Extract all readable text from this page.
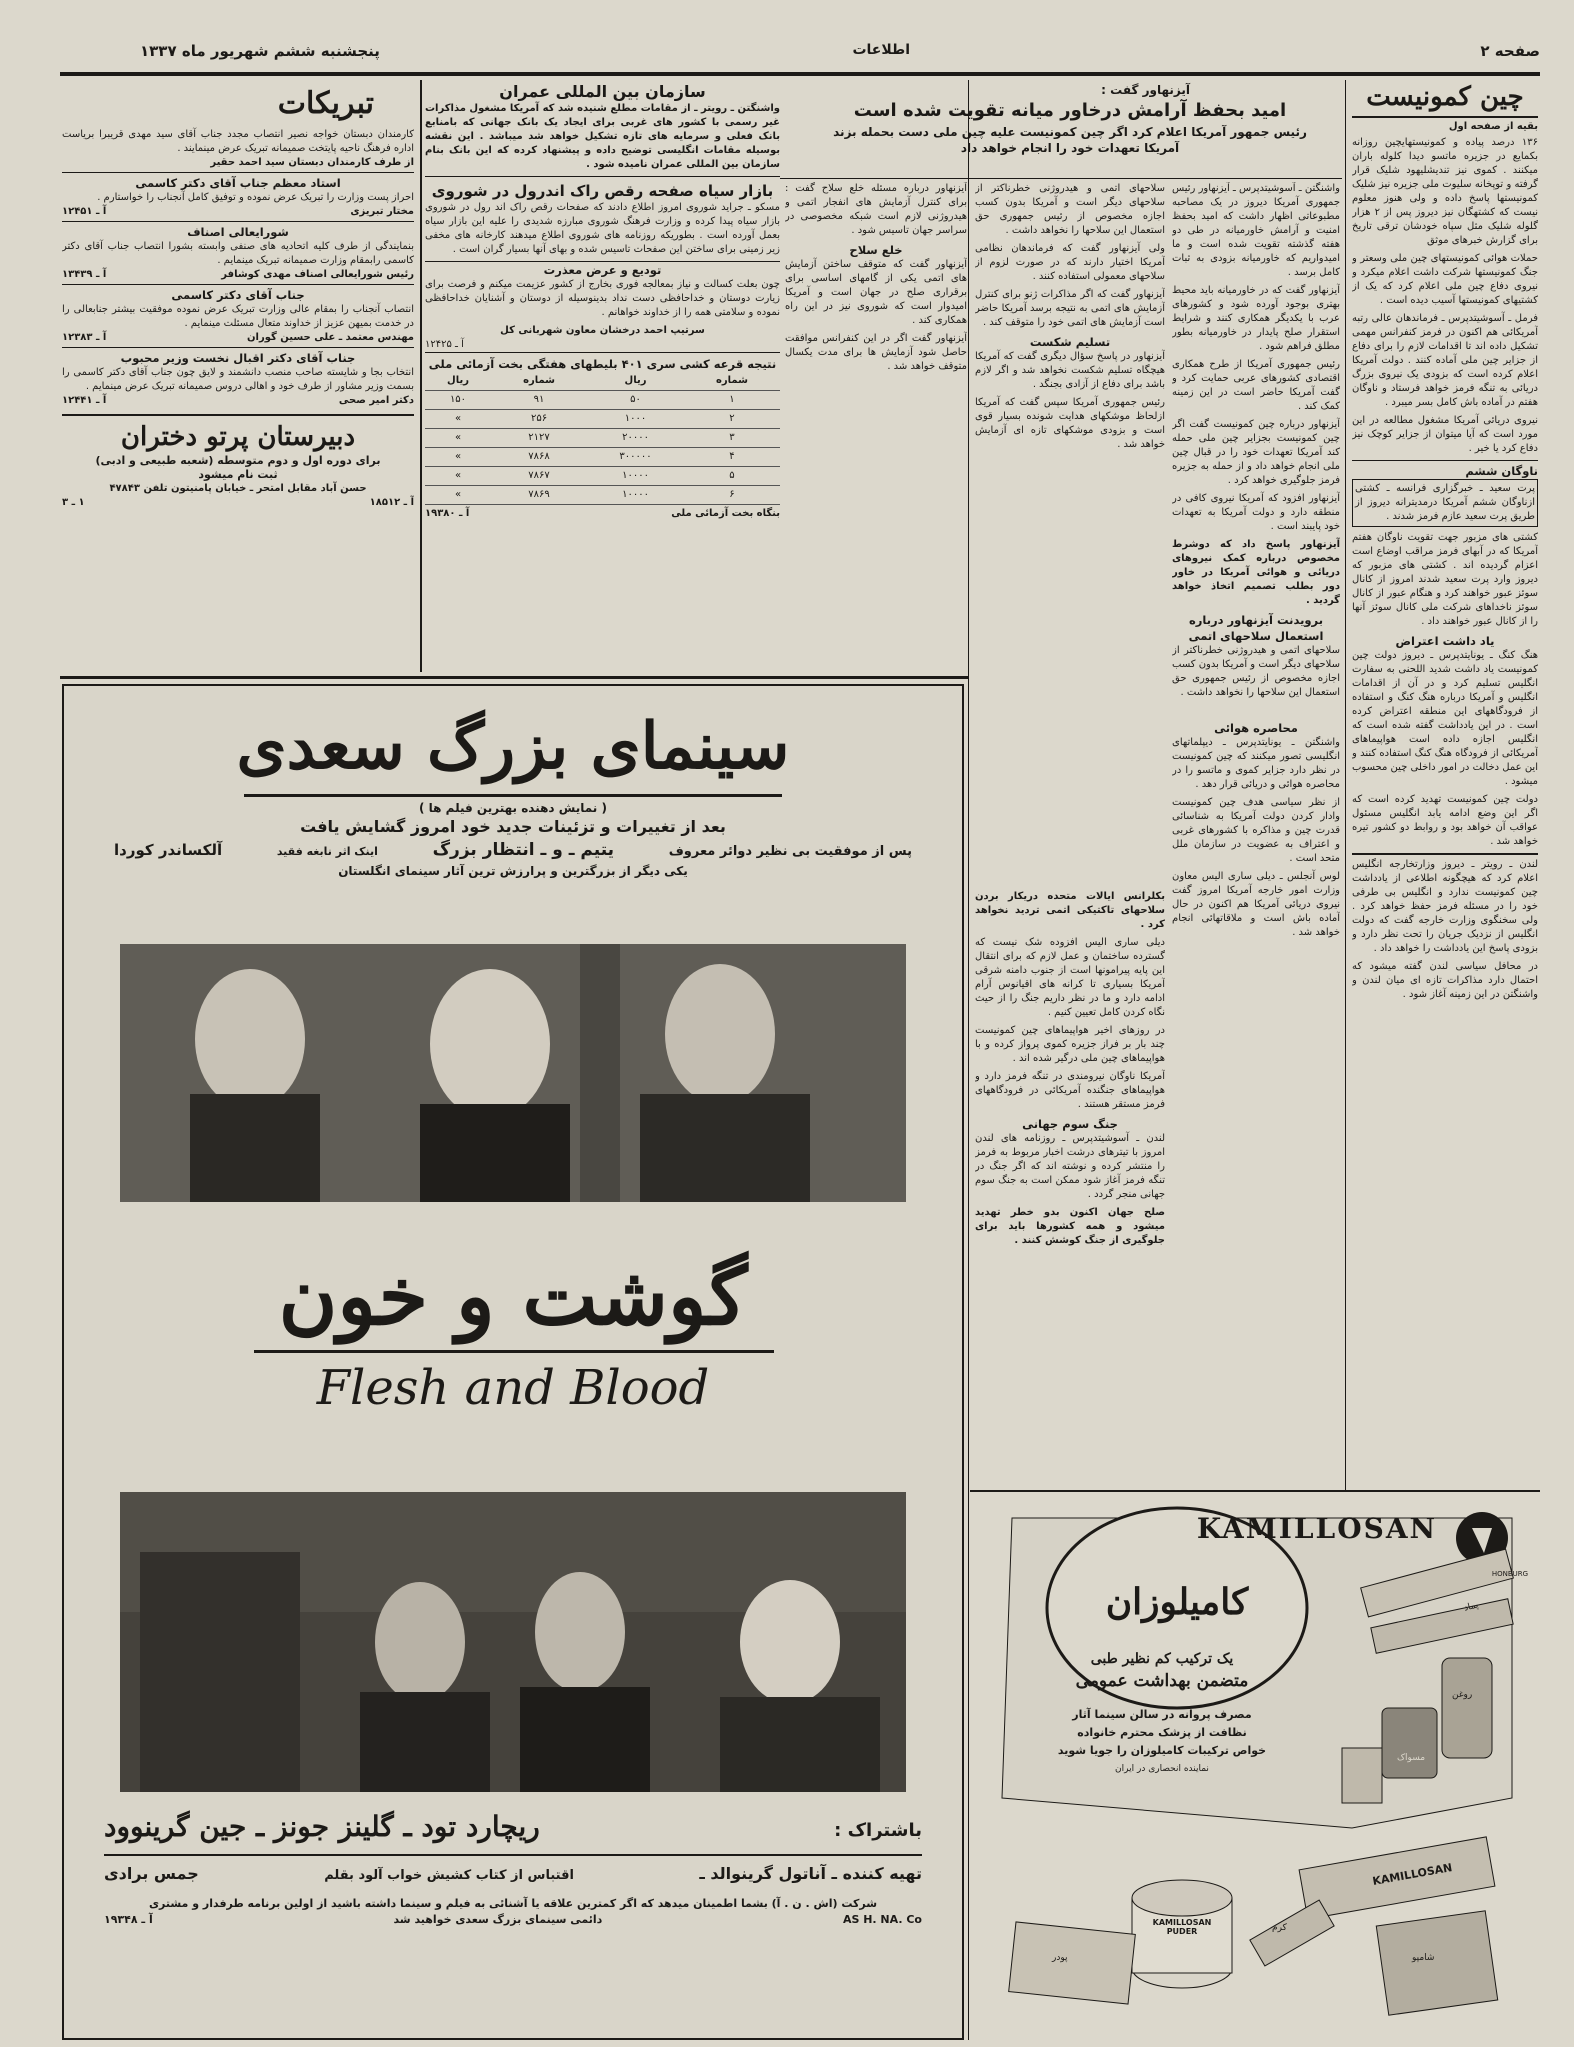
صفحه ۲
اطلاعات
پنجشنبه ششم شهریور ماه ۱۳۳۷
چین کمونیست
بقیه از صفحه اول

۱۳۶ درصد پیاده و کمونیستهایچین روزانه بکمایع در جزیره ماتسو دیدا کلوله باران میکنند . کموی نیز تندیشلیهود شلیک قرار گرفته و توپخانه سلیوت ملی جزیره نیز شلیک کمونیستها پاسخ داده و ولی هنوز معلوم نیست که کشتهگان نیز دیروز پس از ۲ هزار گلوله شلیک مثل سپاه خودشان ترقی تاریخ برای گزارش خبرهای موثق

حملات هوائی کمونیستهای چین ملی وسعتر و جنگ کمونیستها شرکت داشت اعلام میکرد و نیروی دفاع چین ملی اعلام کرد که یک از کشتیهای کمونیستها آسیب دیده است .

فرمل ـ آسوشیتدپرس ـ فرماندهان عالی رتبه آمریکائی هم اکنون در فرمز کنفرانس مهمی تشکیل داده اند تا اقدامات لازم را برای دفاع از جزایر چین ملی آماده کنند . دولت آمریکا اعلام کرده است که بزودی یک نیروی بزرگ دریائی به تنگه فرمز خواهد فرستاد و ناوگان هفتم در آماده باش کامل بسر میبرد .

نیروی دریائی آمریکا مشغول مطالعه در این مورد است که آیا میتوان از جزایر کوچک نیز دفاع کرد یا خیر .

ناوگان ششم

پرت سعید ـ خبرگزاری فرانسه ـ کشتی ازناوگان ششم آمریکا درمدیترانه دیروز از طریق پرت سعید عازم فرمز شدند .

کشتی های مزبور جهت تقویت ناوگان هفتم آمریکا که در آبهای فرمز مراقب اوضاع است اعزام گردیده اند . کشتی های مزبور که دیروز وارد پرت سعید شدند امروز از کانال سوئز عبور خواهند کرد و هنگام عبور از کانال سوئز ناخداهای شرکت ملی کانال سوئز آنها را از کانال عبور خواهند داد .

یاد داشت اعتراض

هنگ کنگ ـ یونایتدپرس ـ دیروز دولت چین کمونیست یاد داشت شدید اللحنی به سفارت انگلیس تسلیم کرد و در آن از اقدامات انگلیس و آمریکا درباره هنگ کنگ و استفاده از فرودگاههای این منطقه اعتراض کرده است . در این یادداشت گفته شده است که انگلیس اجازه داده است هواپیماهای آمریکائی از فرودگاه هنگ کنگ استفاده کنند و این عمل دخالت در امور داخلی چین محسوب میشود .

دولت چین کمونیست تهدید کرده است که اگر این وضع ادامه یابد انگلیس مسئول عواقب آن خواهد بود و روابط دو کشور تیره خواهد شد .

لندن ـ رویتر ـ دیروز وزارتخارجه انگلیس اعلام کرد که هیچگونه اطلاعی از یادداشت چین کمونیست ندارد و انگلیس بی طرفی خود را در مسئله فرمز حفظ خواهد کرد . ولی سخنگوی وزارت خارجه گفت که دولت انگلیس از نزدیک جریان را تحت نظر دارد و بزودی پاسخ این یادداشت را خواهد داد .

در محافل سیاسی لندن گفته میشود که احتمال دارد مذاکرات تازه ای میان لندن و واشنگتن در این زمینه آغاز شود .

آیزنهاور گفت :
امید بحفظ آرامش درخاور میانه تقویت شده است
رئیس جمهور آمریکا اعلام کرد اگر چین کمونیست علیه چین ملی دست بحمله بزند
آمریکا تعهدات خود را انجام خواهد داد

واشنگتن ـ آسوشیتدپرس ـ آیزنهاور رئیس جمهوری آمریکا دیروز در یک مصاحبه مطبوعاتی اظهار داشت که امید بحفظ امنیت و آرامش خاورمیانه در طی دو هفته گذشته تقویت شده است و ما امیدواریم که خاورمیانه بزودی به ثبات کامل برسد .

آیزنهاور گفت که در خاورمیانه باید محیط بهتری بوجود آورده شود و کشورهای عرب با یکدیگر همکاری کنند و شرایط استقرار صلح پایدار در خاورمیانه بطور مطلق فراهم شود .

رئیس جمهوری آمریکا از طرح همکاری اقتصادی کشورهای عربی حمایت کرد و گفت آمریکا حاضر است در این زمینه کمک کند .

آیزنهاور درباره چین کمونیست گفت اگر چین کمونیست بجزایر چین ملی حمله کند آمریکا تعهدات خود را در قبال چین ملی انجام خواهد داد و از حمله به جزیره فرمز جلوگیری خواهد کرد .

آیزنهاور افزود که آمریکا نیروی کافی در منطقه دارد و دولت آمریکا به تعهدات خود پایبند است .

آیزنهاور پاسخ داد که دوشرط مخصوص درباره کمک نیروهای دریائی و هوائی آمریکا در خاور دور بطلب تصمیم اتخاذ خواهد گردید .

برویدنت آیزنهاور درباره استعمال سلاحهای اتمی

سلاحهای اتمی و هیدروژنی خطرناکتر از سلاحهای دیگر است و آمریکا بدون کسب اجازه مخصوص از رئیس جمهوری حق استعمال این سلاحها را نخواهد داشت .

سلاحهای اتمی و هیدروژنی خطرناکتر از سلاحهای دیگر است و آمریکا بدون کسب اجازه مخصوص از رئیس جمهوری حق استعمال این سلاحها را نخواهد داشت .

ولی آیزنهاور گفت که فرماندهان نظامی آمریکا اختیار دارند که در صورت لزوم از سلاحهای معمولی استفاده کنند .

آیزنهاور گفت که اگر مذاکرات ژنو برای کنترل آزمایش های اتمی به نتیجه برسد آمریکا حاضر است آزمایش های اتمی خود را متوقف کند .

تسلیم شکست

آیزنهاور در پاسخ سؤال دیگری گفت که آمریکا هیچگاه تسلیم شکست نخواهد شد و اگر لازم باشد برای دفاع از آزادی بجنگد .

رئیس جمهوری آمریکا سپس گفت که آمریکا ازلحاظ موشکهای هدایت شونده بسیار قوی است و بزودی موشکهای تازه ای آزمایش خواهد شد .

آیزنهاور درباره مسئله خلع سلاح گفت : برای کنترل آزمایش های انفجار اتمی و هیدروژنی لازم است شبکه مخصوصی در سراسر جهان تاسیس شود .

خلع سلاح

آیزنهاور گفت که متوقف ساختن آزمایش های اتمی یکی از گامهای اساسی برای برقراری صلح در جهان است و آمریکا امیدوار است که شوروی نیز در این راه همکاری کند .

آیزنهاور گفت اگر در این کنفرانس موافقت حاصل شود آزمایش ها برای مدت یکسال متوقف خواهد شد .

بکلرانس ایالات متحده دریکار بردن سلاحهای تاکتیکی اتمی تردید نخواهد کرد .

دیلی ساری الیس افزوده شک نیست که گسترده ساختمان و عمل لازم که برای انتقال این پایه پیرامونها است از جنوب دامنه شرقی آمریکا بسیاری تا کرانه های اقیانوس آرام ادامه دارد و ما در نظر داریم جنگ را از حیث نگاه کردن کامل تعیین کنیم .

در روزهای اخیر هواپیماهای چین کمونیست چند بار بر فراز جزیره کموی پرواز کرده و با هواپیماهای چین ملی درگیر شده اند .

آمریکا ناوگان نیرومندی در تنگه فرمز دارد و هواپیماهای جنگنده آمریکائی در فرودگاههای فرمز مستقر هستند .

جنگ سوم جهانی

لندن ـ آسوشیتدپرس ـ روزنامه های لندن امروز با تیترهای درشت اخبار مربوط به فرمز را منتشر کرده و نوشته اند که اگر جنگ در تنگه فرمز آغاز شود ممکن است به جنگ سوم جهانی منجر گردد .

صلح جهان اکنون بدو خطر تهدید میشود و همه کشورها باید برای جلوگیری از جنگ کوشش کنند .

محاصره هوائی

واشنگتن ـ یونایتدپرس ـ دیپلماتهای انگلیسی تصور میکنند که چین کمونیست در نظر دارد جزایر کموی و ماتسو را در محاصره هوائی و دریائی قرار دهد .

از نظر سیاسی هدف چین کمونیست وادار کردن دولت آمریکا به شناسائی قدرت چین و مذاکره با کشورهای غربی و اعتراف به عضویت در سازمان ملل متحد است .

لوس آنجلس ـ دیلی ساری الیس معاون وزارت امور خارجه آمریکا امروز گفت نیروی دریائی آمریکا هم اکنون در حال آماده باش است و ملاقاتهائی انجام خواهد شد .

سازمان بین المللی عمران

واشنگتن ـ رویتر ـ از مقامات مطلع شنیده شد که آمریکا مشغول مذاکرات غیر رسمی با کشور های غربی برای ایجاد یک بانک جهانی که بامنابع بانک فعلی و سرمایه های تازه تشکیل خواهد شد میباشد . این نقشه بوسیله مقامات انگلیسی توضیح داده و پیشنهاد کرده که این بانک بنام سازمان بین المللی عمران نامیده شود .

بازار سیاه صفحه رقص راک اندرول در شوروی

مسکو ـ جراید شوروی امروز اطلاع دادند که صفحات رقص راک اند رول در شوروی بازار سیاه پیدا کرده و وزارت فرهنگ شوروی مبارزه شدیدی را علیه این بازار سیاه بعمل آورده است . بطوریکه روزنامه های شوروی اطلاع میدهند کارخانه های مخفی زیر زمینی برای ساختن این صفحات تاسیس شده و بهای آنها بسیار گران است .

توديع و عرض معذرت

چون بعلت کسالت و نیاز بمعالجه فوری بخارج از کشور عزیمت میکنم و فرصت برای زیارت دوستان و خداحافظی دست نداد بدینوسیله از دوستان و آشنایان خداحافظی نموده و سلامتی همه را از خداوند خواهانم .

سرتیپ احمد درخشان معاون شهربانی کل
آ ـ ۱۲۴۲۵
نتیجه قرعه کشی سری ۴۰۱ بلیطهای هفتگی بخت آزمائی ملی
شماره	ریال	شماره	ریال
۱	۵۰	۹۱	۱۵۰
۲	۱۰۰۰	۲۵۶	»
۳	۲۰۰۰۰	۲۱۲۷	»
۴	۳۰۰۰۰۰	۷۸۶۸	»
۵	۱۰۰۰۰	۷۸۶۷	»
۶	۱۰۰۰۰	۷۸۶۹	»
بنگاه بخت آزمائی ملی
آ ـ ۱۹۳۸۰
تبریکات
کارمندان دبستان خواجه نصیر انتصاب مجدد جناب آقای سید مهدی قریبرا بریاست اداره فرهنگ ناحیه پایتخت صمیمانه تبریک عرض مینمایند .
از طرف کارمندان دبستان سید احمد حقیر
استاد معظم جناب آقای دکتر کاسمی
احراز پست وزارت را تبریک عرض نموده و توفیق کامل آنجناب را خواستارم .
مختار تبریزی
آ ـ ۱۲۴۵۱
شورایعالی اصناف
بنمایندگی از طرف کلیه اتحادیه های صنفی وابسته بشورا انتصاب جناب آقای دکتر کاسمی رابمقام وزارت صمیمانه تبریک مینمایم .
رئیس شورایعالی اصناف مهدی کوشافر
آ ـ ۱۳۴۳۹
جناب آقای دکتر کاسمی
انتصاب آنجناب را بمقام عالی وزارت تبریک عرض نموده موفقیت بیشتر جنابعالی را در خدمت بمیهن عزیز از خداوند متعال مسئلت مینمایم .
مهندس معتمد ـ علی حسین گوران
آ ـ ۱۲۳۸۳
جناب آقای دکتر اقبال نخست وزیر محبوب
انتخاب بجا و شایسته صاحب منصب دانشمند و لایق چون جناب آقای دکتر کاسمی را بسمت وزیر مشاور از طرف خود و اهالی دروس صمیمانه تبریک عرض مینمایم .
دکتر امیر صحی
آ ـ ۱۲۴۴۱
دبیرستان پرتو دختران
برای دوره اول و دوم متوسطه (شعبه طبیعی و ادبی)
ثبت نام میشود
حسن آباد مقابل امتحر ـ خیابان پامنیتون تلفن ۴۷۸۴۳
آ ـ ۱۸۵۱۲
۱ ـ ۳
سینمای بزرگ سعدی
( نمایش دهنده بهترین فیلم ها )
بعد از تغییرات و تزئینات جدید خود امروز گشایش یافت
پس از موفقیت بی نظیر دوائر معروف
یتیم ـ و ـ انتظار بزرگ
اینک اثر نابغه فقید
آلکساندر کوردا
یکی دیگر از بزرگترین و پرارزش ترین آثار سینمای انگلستان
گوشت و خون
Flesh and Blood
باشتراک :
ریچارد تود ـ گلینز جونز ـ جین گرینوود
تهیه کننده ـ آناتول گرینوالد ـ
اقتباس از کتاب کشیش خواب آلود بقلم
جمس برادی
شرکت (اش . ن . آ) بشما اطمینان میدهد که اگر کمترین علاقه یا آشنائی به فیلم و سینما داشته باشید از اولین برنامه طرفدار و مشتری
AS H. NA. Co
دائمی سینمای بزرگ سعدی خواهید شد
آ ـ ۱۹۳۴۸
KAMILLOSAN
HONBURG
کامیلوزان
یک ترکیب کم نظیر طبی
متضمن بهداشت عمومی
مصرف پروانه در سالن سینما آثار
نظافت از پزشک محترم خانواده
خواص ترکیبات کامیلوزان را جویا شوید
نماینده انحصاری در ایران
پماد
روغن
مسواک
KAMILLOSAN
شامپو
KAMILLOSAN PUDER
پودر
کرم
